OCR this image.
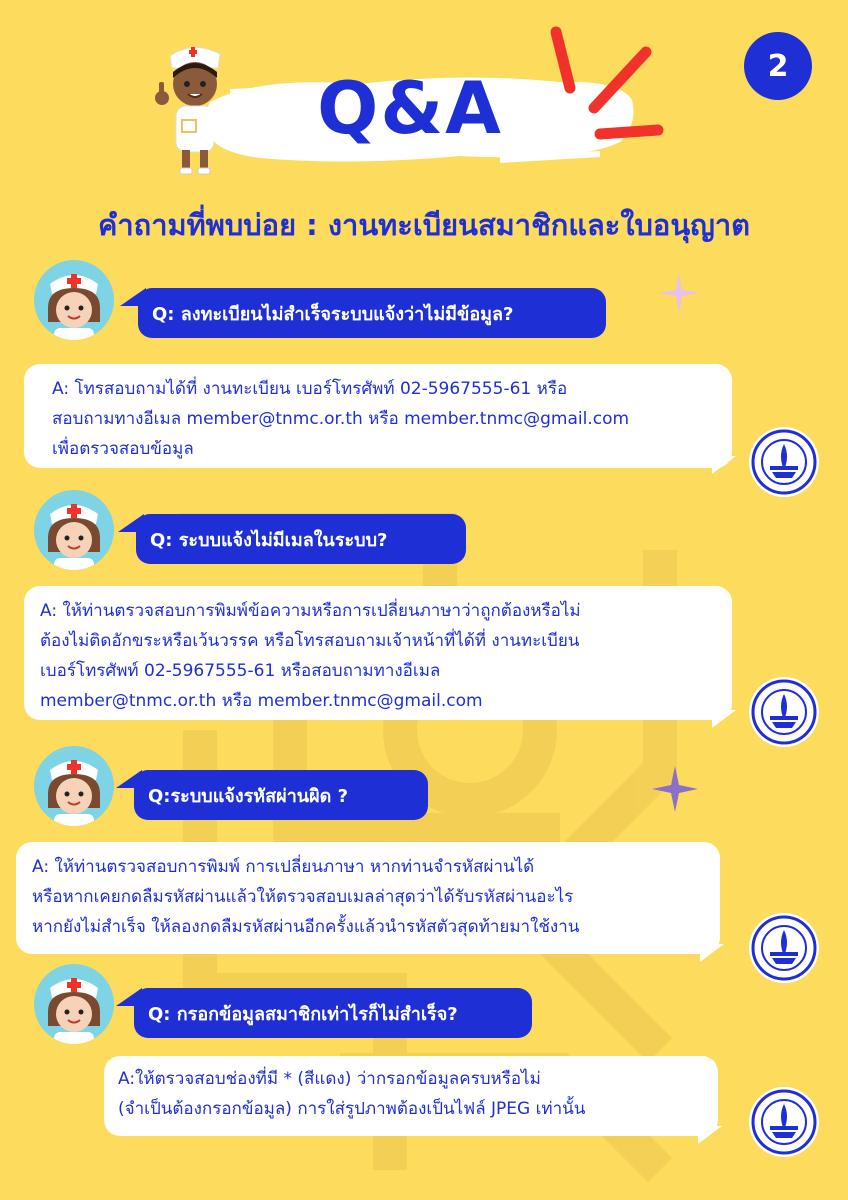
2
Q&A
คำถามที่พบบ่อย : งานทะเบียนสมาชิกและใบอนุญาต
Q: ลงทะเบียนไม่สำเร็จระบบแจ้งว่าไม่มีข้อมูล?
A: โทรสอบถามได้ที่ งานทะเบียน เบอร์โทรศัพท์ 02-5967555-61 หรือ
สอบถามทางอีเมล member@tnmc.or.th หรือ member.tnmc@gmail.com
เพื่อตรวจสอบข้อมูล
Q: ระบบแจ้งไม่มีเมลในระบบ?
A: ให้ท่านตรวจสอบการพิมพ์ข้อความหรือการเปลี่ยนภาษาว่าถูกต้องหรือไม่
ต้องไม่ติดอักขระหรือเว้นวรรค หรือโทรสอบถามเจ้าหน้าที่ได้ที่ งานทะเบียน
เบอร์โทรศัพท์ 02-5967555-61 หรือสอบถามทางอีเมล
member@tnmc.or.th หรือ member.tnmc@gmail.com
Q:ระบบแจ้งรหัสผ่านผิด ?
A: ให้ท่านตรวจสอบการพิมพ์ การเปลี่ยนภาษา หากท่านจำรหัสผ่านได้
หรือหากเคยกดลืมรหัสผ่านแล้วให้ตรวจสอบเมลล่าสุดว่าได้รับรหัสผ่านอะไร
หากยังไม่สำเร็จ ให้ลองกดลืมรหัสผ่านอีกครั้งแล้วนำรหัสตัวสุดท้ายมาใช้งาน
Q: กรอกข้อมูลสมาชิกเท่าไรก็ไม่สำเร็จ?
A:ให้ตรวจสอบช่องที่มี * (สีแดง) ว่ากรอกข้อมูลครบหรือไม่
(จำเป็นต้องกรอกข้อมูล) การใส่รูปภาพต้องเป็นไฟล์ JPEG เท่านั้น
